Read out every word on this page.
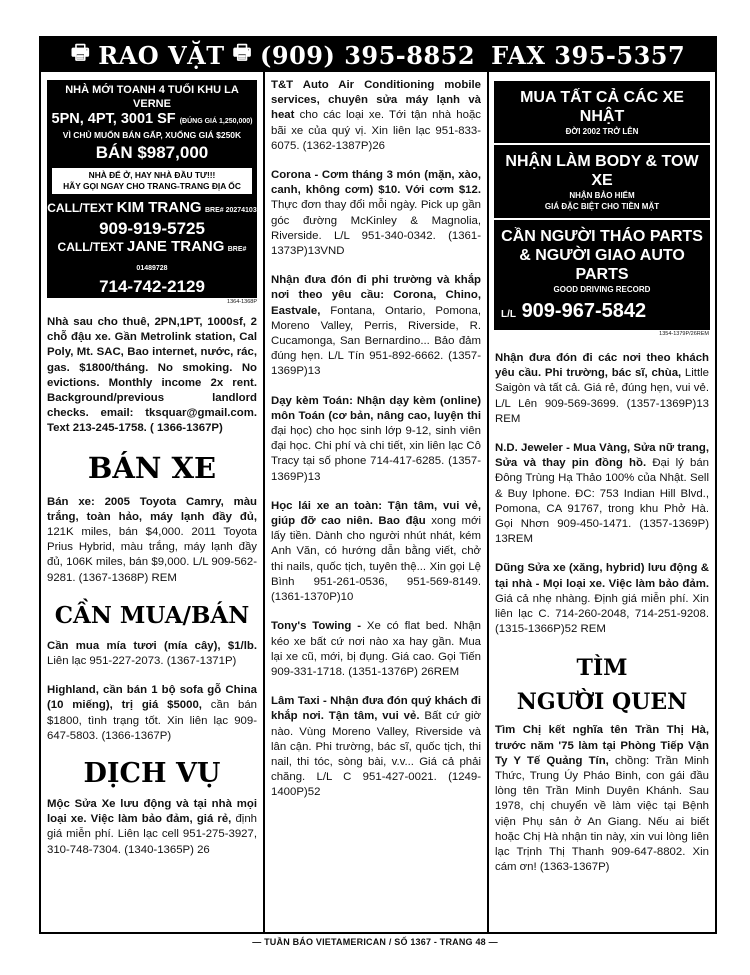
🖶 RAO VẶT 🖶 (909) 395-8852 FAX 395-5357
NHÀ MỚI TOANH 4 TUỔI KHU LA VERNE
5PN, 4PT, 3001 SF (ĐÚNG GIÁ 1,250,000)
VÌ CHỦ MUỐN BÁN GẤP, XUỐNG GIÁ $250K
BÁN $987,000
NHÀ ĐỂ Ở, HAY NHÀ ĐẦU TƯ!!!
HÃY GỌI NGAY CHO TRANG-TRANG ĐỊA ỐC
CALL/TEXT KIM TRANG BRE# 20274103
909-919-5725
CALL/TEXT JANE TRANG BRE# 01489728
714-742-2129
1364-1368P

Nhà sau cho thuê, 2PN,1PT, 1000sf, 2 chỗ đậu xe. Gần Metrolink station, Cal Poly, Mt. SAC, Bao internet, nước, rác, gas. $1800/tháng. No smoking. No evictions. Monthly income 2x rent. Background/previous landlord checks. email: tksquar@gmail.com. Text 213-245-1758. ( 1366-1367P)

BÁN XE

Bán xe: 2005 Toyota Camry, màu trắng, toàn hảo, máy lạnh đầy đủ, 121K miles, bán $4,000. 2011 Toyota Prius Hybrid, màu trắng, máy lạnh đầy đủ, 106K miles, bán $9,000. L/L 909-562-9281. (1367-1368P) REM

CẦN MUA/BÁN

Cần mua mía tươi (mía cây), $1/lb. Liên lạc 951-227-2073. (1367-1371P)

Highland, cần bán 1 bộ sofa gỗ China (10 miếng), trị giá $5000, cần bán $1800, tình trạng tốt. Xin liên lạc 909-647-5803. (1366-1367P)

DỊCH VỤ

Mộc Sửa Xe lưu động và tại nhà mọi loại xe. Việc làm bảo đảm, giá rẻ, định giá miễn phí. Liên lạc cell 951-275-3927, 310-748-7304. (1340-1365P) 26

T&T Auto Air Conditioning mobile services, chuyên sửa máy lạnh và heat cho các loại xe. Tới tận nhà hoặc bãi xe của quý vị. Xin liên lạc 951-833-6075. (1362-1387P)26

Corona - Cơm tháng 3 món (mặn, xào, canh, không cơm) $10. Với cơm $12. Thực đơn thay đổi mỗi ngày. Pick up gần góc đường McKinley & Magnolia, Riverside. L/L 951-340-0342. (1361-1373P)13VND

Nhận đưa đón đi phi trường và khắp nơi theo yêu cầu: Corona, Chino, Eastvale, Fontana, Ontario, Pomona, Moreno Valley, Perris, Riverside, R. Cucamonga, San Bernardino... Bảo đảm đúng hẹn. L/L Tín 951-892-6662. (1357-1369P)13

Dạy kèm Toán: Nhận dạy kèm (online) môn Toán (cơ bản, nâng cao, luyện thi đại học) cho học sinh lớp 9-12, sinh viên đại học. Chi phí và chi tiết, xin liên lạc Cô Tracy tại số phone 714-417-6285. (1357-1369P)13

Học lái xe an toàn: Tận tâm, vui vẻ, giúp đỡ cao niên. Bao đậu xong mới lấy tiền. Dành cho người nhút nhát, kém Anh Văn, có hướng dẫn bằng viết, chở thi nails, quốc tịch, tuyên thệ... Xin gọi Lệ Bình 951-261-0536, 951-569-8149. (1361-1370P)10

Tony's Towing - Xe có flat bed. Nhận kéo xe bất cứ nơi nào xa hay gần. Mua lại xe cũ, mới, bị đụng. Giá cao. Gọi Tiến 909-331-1718. (1351-1376P) 26REM

Lâm Taxi - Nhận đưa đón quý khách đi khắp nơi. Tận tâm, vui vẻ. Bất cứ giờ nào. Vùng Moreno Valley, Riverside và lân cận. Phi trường, bác sĩ, quốc tịch, thi nail, thi tóc, sòng bài, v.v... Giá cả phải chăng. L/L C 951-427-0021. (1249-1400P)52

MUA TẤT CẢ CÁC XE NHẬT
ĐỜI 2002 TRỞ LÊN
NHẬN LÀM BODY & TOW XE
NHẬN BẢO HIỂM
GIÁ ĐẶC BIỆT CHO TIỀN MẶT
CẦN NGƯỜI THÁO PARTS
& NGƯỜI GIAO AUTO PARTS
GOOD DRIVING RECORD
L/L 909-967-5842
1354-1379P/26REM

Nhận đưa đón đi các nơi theo khách yêu cầu. Phi trường, bác sĩ, chùa, Little Saigòn và tất cả. Giá rẻ, đúng hẹn, vui vẻ. L/L Lên 909-569-3699. (1357-1369P)13 REM

N.D. Jeweler - Mua Vàng, Sửa nữ trang, Sửa và thay pin đồng hồ. Đại lý bán Đông Trùng Hạ Thảo 100% của Nhật. Sell & Buy Iphone. ĐC: 753 Indian Hill Blvd., Pomona, CA 91767, trong khu Phở Hà. Gọi Nhơn 909-450-1471. (1357-1369P) 13REM

Dũng Sửa xe (xăng, hybrid) lưu động & tại nhà - Mọi loại xe. Việc làm bảo đảm. Giá cả nhẹ nhàng. Định giá miễn phí. Xin liên lạc C. 714-260-2048, 714-251-9208. (1315-1366P)52 REM

TÌM
NGƯỜI QUEN

Tìm Chị kết nghĩa tên Trần Thị Hà, trước năm '75 làm tại Phòng Tiếp Vận Ty Y Tế Quảng Tín, chồng: Trần Minh Thức, Trung Úy Pháo Binh, con gái đầu lòng tên Trần Minh Duyên Khánh. Sau 1978, chị chuyển về làm việc tại Bệnh viện Phụ sản ở An Giang. Nếu ai biết hoặc Chị Hà nhận tin này, xin vui lòng liên lạc Trịnh Thị Thanh 909-647-8802. Xin cám ơn! (1363-1367P)

— TUẦN BÁO VIETAMERICAN / SỐ 1367 - TRANG 48 —
